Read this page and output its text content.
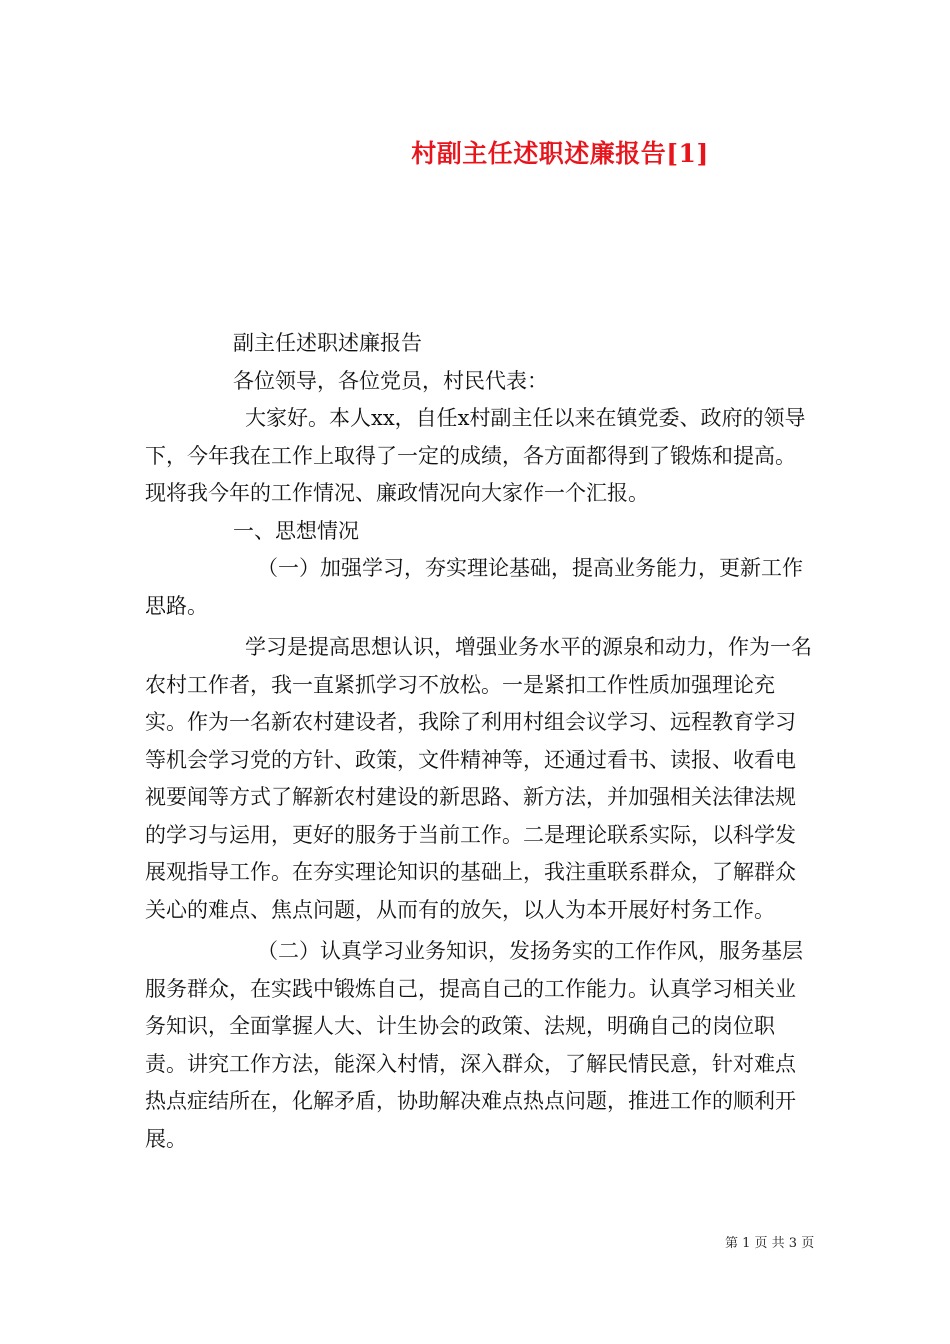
村副主任述职述廉报告[1]

副主任述职述廉报告

各位领导，各位党员，村民代表：

大家好。本人xx，自任x村副主任以来在镇党委、政府的领导下，今年我在工作上取得了一定的成绩，各方面都得到了锻炼和提高。现将我今年的工作情况、廉政情况向大家作一个汇报。

一、思想情况

（一）加强学习，夯实理论基础，提高业务能力，更新工作思路。

学习是提高思想认识，增强业务水平的源泉和动力，作为一名农村工作者，我一直紧抓学习不放松。一是紧扣工作性质加强理论充实。作为一名新农村建设者，我除了利用村组会议学习、远程教育学习等机会学习党的方针、政策，文件精神等，还通过看书、读报、收看电视要闻等方式了解新农村建设的新思路、新方法，并加强相关法律法规的学习与运用，更好的服务于当前工作。二是理论联系实际，以科学发展观指导工作。在夯实理论知识的基础上，我注重联系群众，了解群众关心的难点、焦点问题，从而有的放矢，以人为本开展好村务工作。

（二）认真学习业务知识，发扬务实的工作作风，服务基层服务群众，在实践中锻炼自己，提高自己的工作能力。认真学习相关业务知识，全面掌握人大、计生协会的政策、法规，明确自己的岗位职责。讲究工作方法，能深入村情，深入群众，了解民情民意，针对难点热点症结所在，化解矛盾，协助解决难点热点问题，推进工作的顺利开展。

第 1 页 共 3 页
